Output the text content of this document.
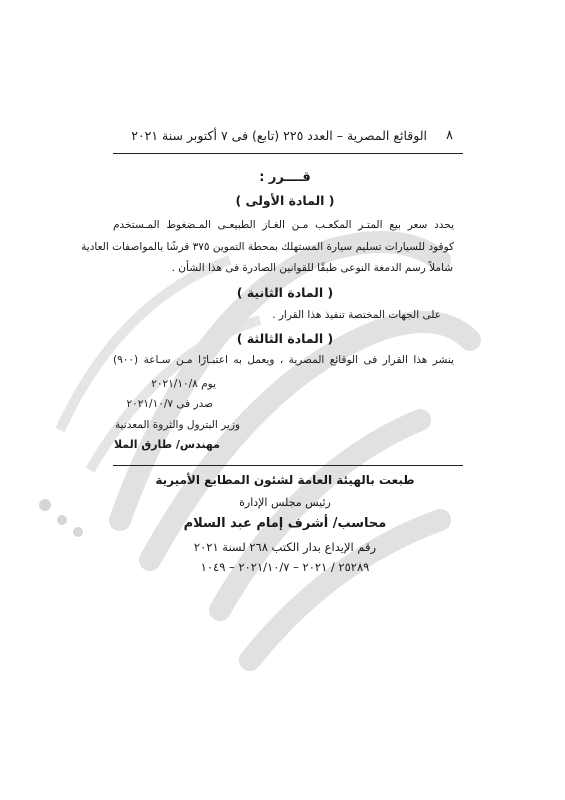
٨
الوقائع المصرية – العدد ٢٢٥ (تابع) فى ٧ أكتوبر سنة ٢٠٢١
قــــرر :
( المادة الأولى )
يحدد سعر بيع المتـر المكعـب مـن الغـاز الطبيعـى المـضغوط المـستخدم
كوقود للسيارات تسليم سيارة المستهلك بمحطة التموين ٣٧٥ قرشًا بالمواصفات العادية
شاملاً رسم الدمغة النوعى طبقًا للقوانين الصادرة فى هذا الشأن .
( المادة الثانية )
على الجهات المختصة تنفيذ هذا القرار .
( المادة الثالثة )
ينشر هذا القرار فى الوقائع المصرية ، ويعمل به اعتبـارًا مـن سـاعة (٩٠٠)
يوم ٢٠٢١/١٠/٨
صدر فى ٢٠٢١/١٠/٧
وزير البترول والثروة المعدنية
مهندس/ طارق الملا
طبعت بالهيئة العامة لشئون المطابع الأميرية
رئيس مجلس الإدارة
محاسب/ أشرف إمام عبد السلام
رقم الإيداع بدار الكتب ٢٦٨ لسنة ٢٠٢١
٢٥٢٨٩ / ٢٠٢١ – ٢٠٢١/١٠/٧ – ١٠٤٩
